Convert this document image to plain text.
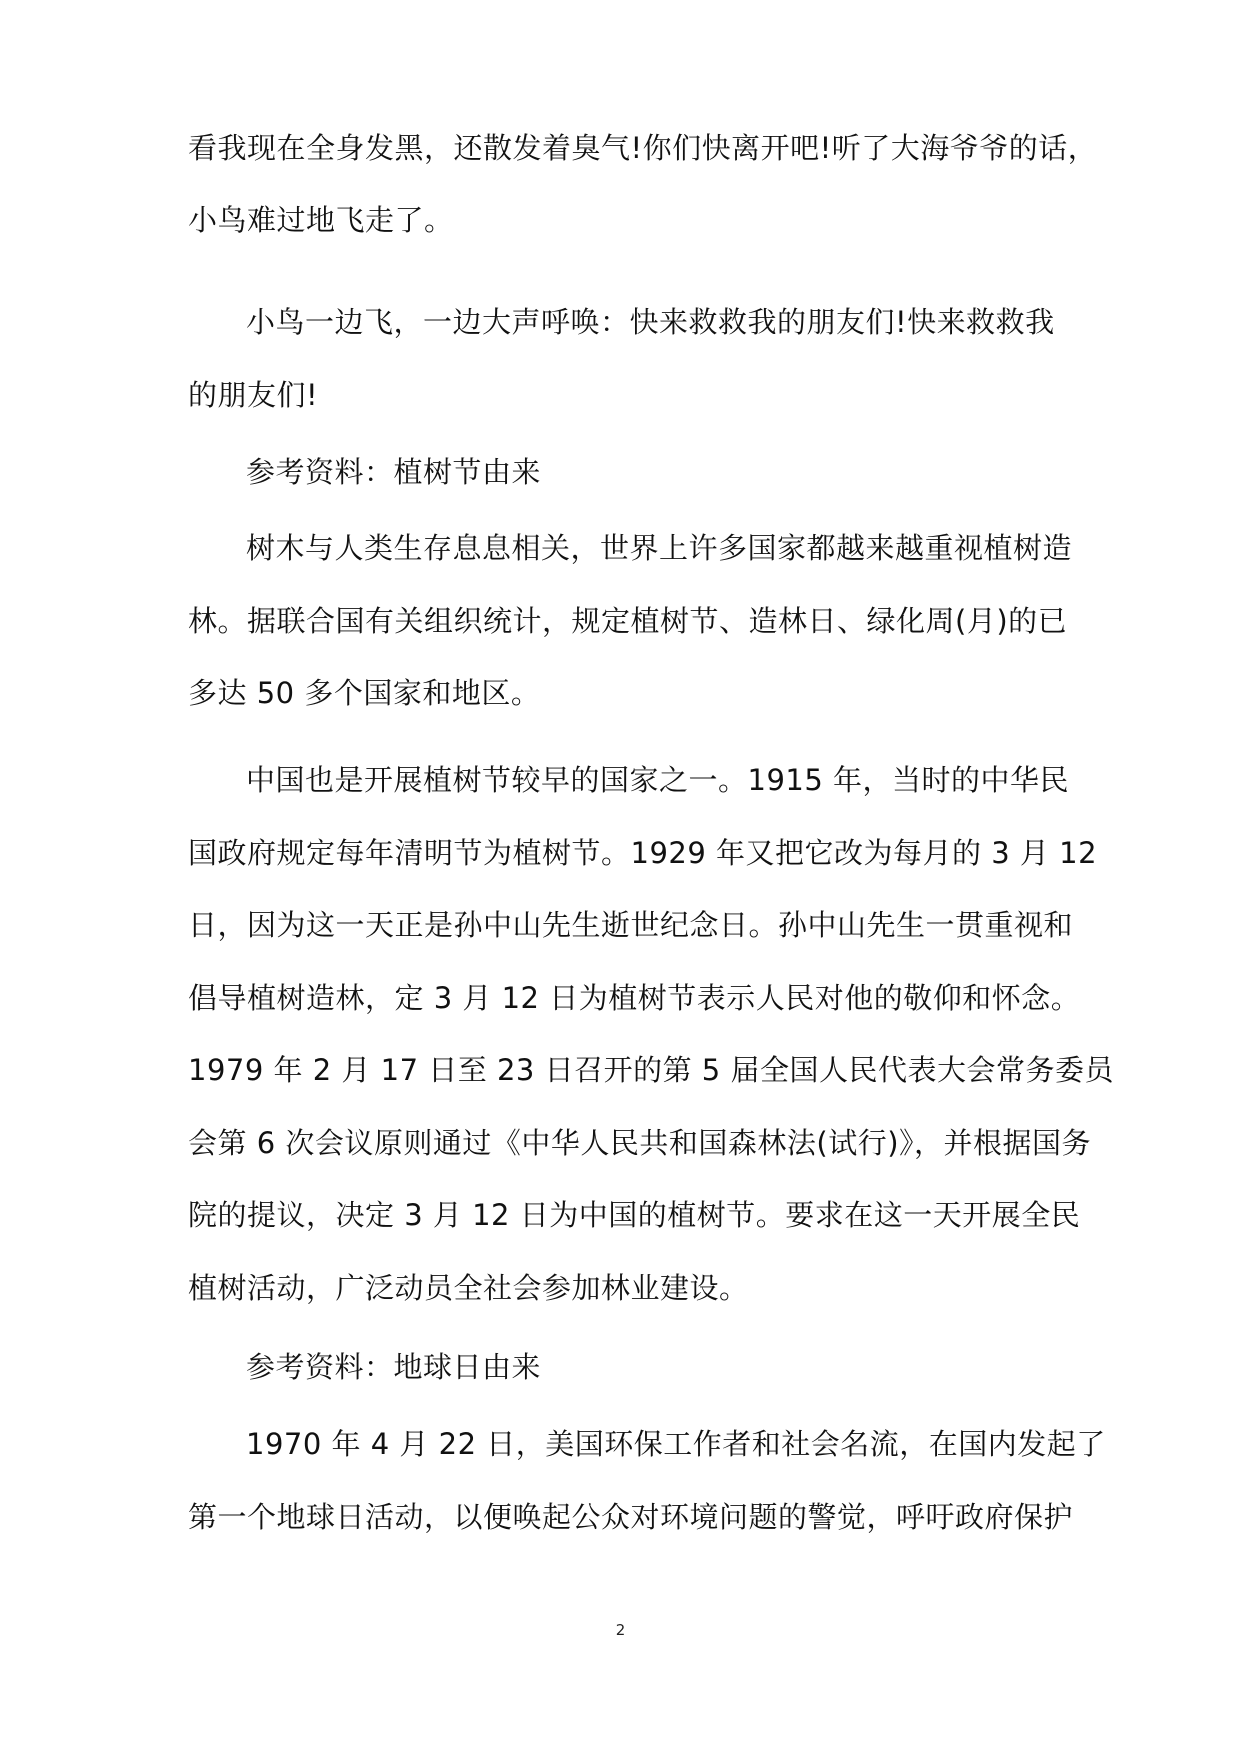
看我现在全身发黑，还散发着臭气!你们快离开吧!听了大海爷爷的话，
小鸟难过地飞走了。
小鸟一边飞，一边大声呼唤：快来救救我的朋友们!快来救救我
的朋友们!
参考资料：植树节由来
树木与人类生存息息相关，世界上许多国家都越来越重视植树造
林。据联合国有关组织统计，规定植树节、造林日、绿化周(月)的已
多达 50 多个国家和地区。
中国也是开展植树节较早的国家之一。1915 年，当时的中华民
国政府规定每年清明节为植树节。1929 年又把它改为每月的 3 月 12
日，因为这一天正是孙中山先生逝世纪念日。孙中山先生一贯重视和
倡导植树造林，定 3 月 12 日为植树节表示人民对他的敬仰和怀念。
1979 年 2 月 17 日至 23 日召开的第 5 届全国人民代表大会常务委员
会第 6 次会议原则通过《中华人民共和国森林法(试行)》，并根据国务
院的提议，决定 3 月 12 日为中国的植树节。要求在这一天开展全民
植树活动，广泛动员全社会参加林业建设。
参考资料：地球日由来
1970 年 4 月 22 日，美国环保工作者和社会名流，在国内发起了
第一个地球日活动，以便唤起公众对环境问题的警觉，呼吁政府保护
2
